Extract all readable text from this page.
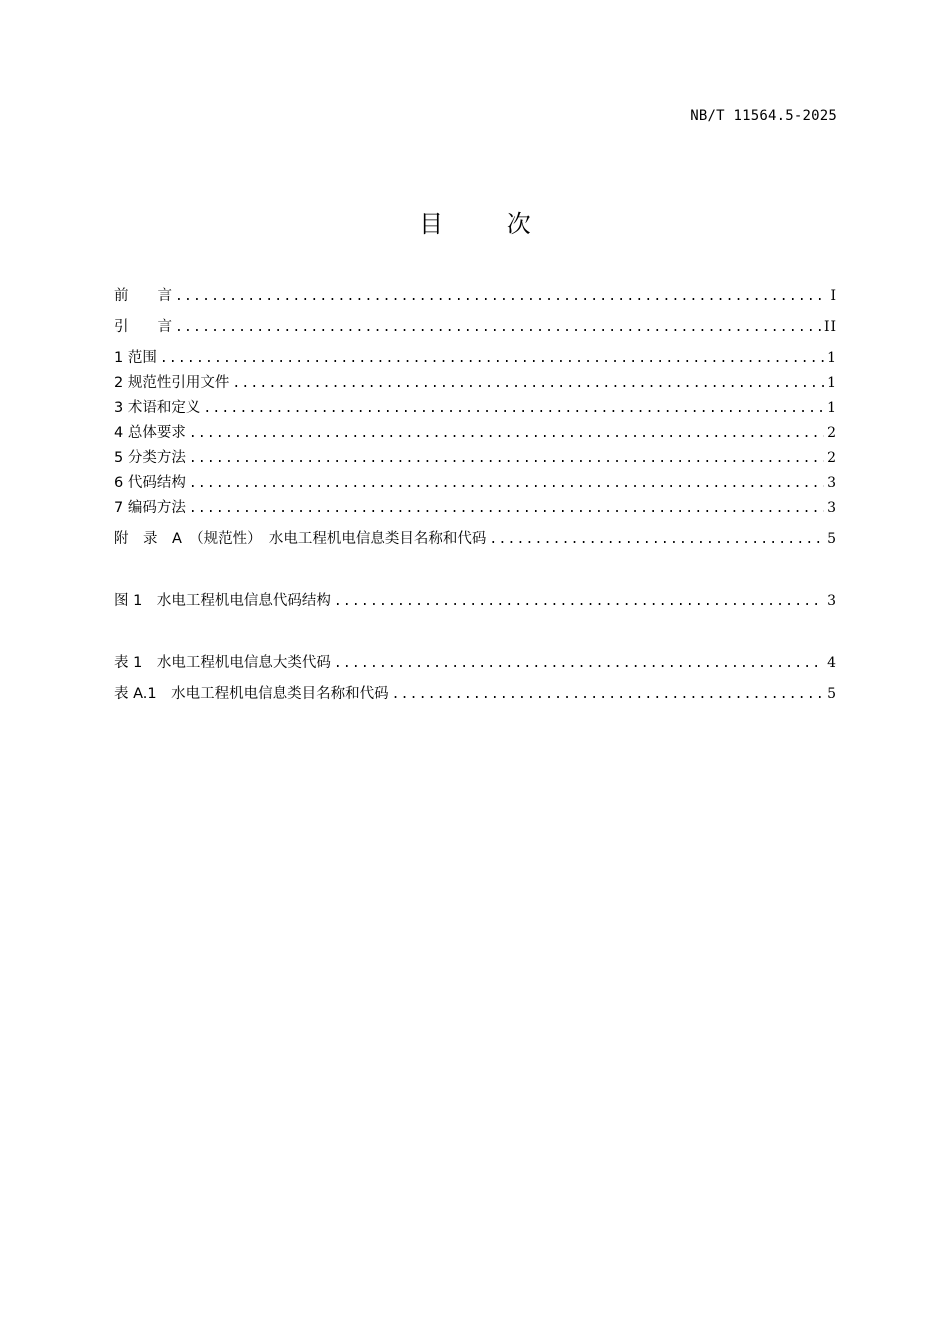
NB/T 11564.5-2025
目 次
前　　言 .....	I
引　　言 .....	II
1 范围 .....	1
2 规范性引用文件 .....	1
3 术语和定义 .....	1
4 总体要求 .....	2
5 分类方法 .....	2
6 代码结构 .....	3
7 编码方法 .....	3
附　录　A　（规范性）　水电工程机电信息类目名称和代码 .....	5
图 1　水电工程机电信息代码结构 .....	3
表 1　水电工程机电信息大类代码 .....	4
表 A.1　水电工程机电信息类目名称和代码 .....	5
